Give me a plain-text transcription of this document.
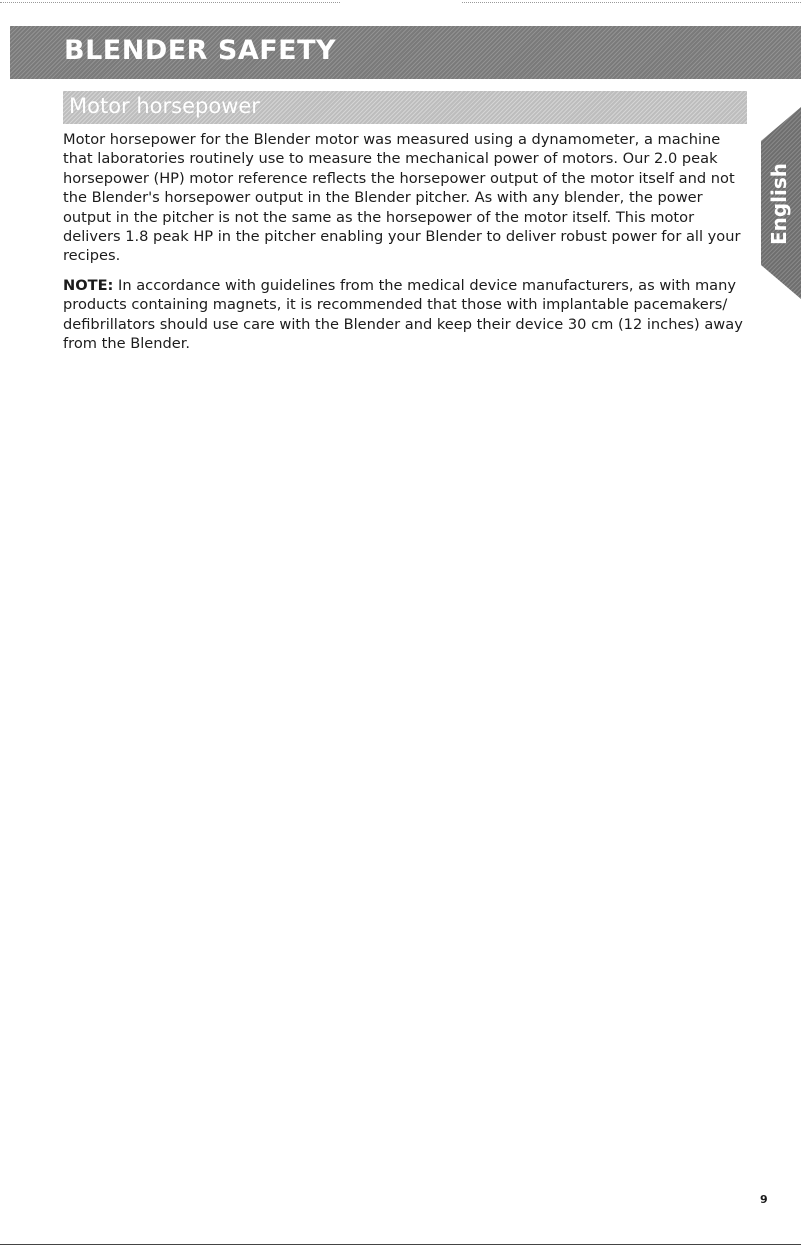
BLENDER SAFETY
Motor horsepower

Motor horsepower for the Blender motor was measured using a dynamometer, a machine that laboratories routinely use to measure the mechanical power of motors. Our 2.0 peak horsepower (HP) motor reference reflects the horsepower output of the motor itself and not the Blender's horsepower output in the Blender pitcher. As with any blender, the power output in the pitcher is not the same as the horsepower of the motor itself. This motor delivers 1.8 peak HP in the pitcher enabling your Blender to deliver robust power for all your recipes.

NOTE: In accordance with guidelines from the medical device manufacturers, as with many products containing magnets, it is recommended that those with implantable pacemakers/ defibrillators should use care with the Blender and keep their device 30 cm (12 inches) away from the Blender.

English
9
